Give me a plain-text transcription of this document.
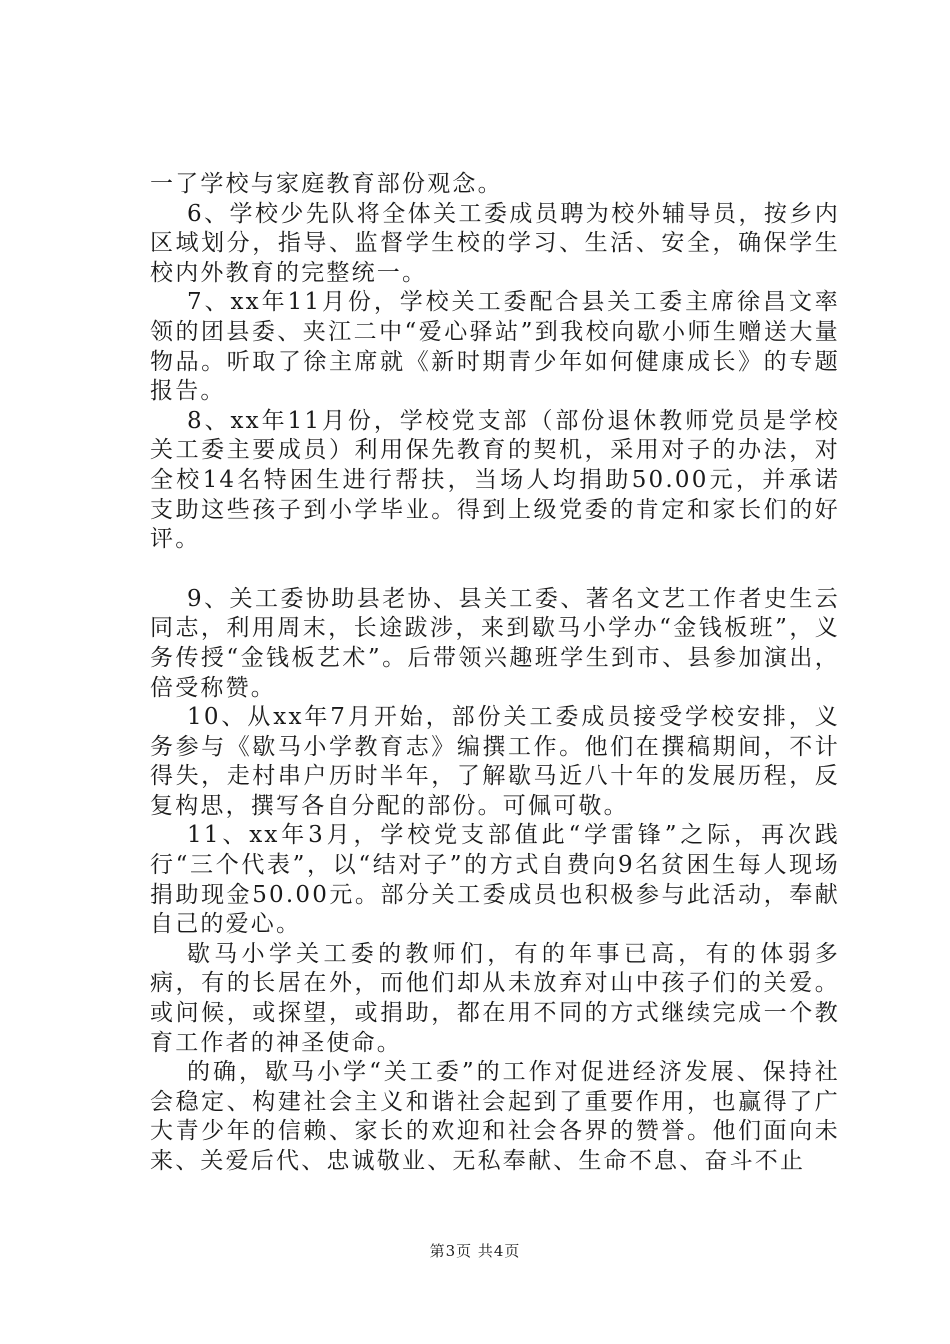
一了学校与家庭教育部份观念。

6、学校少先队将全体关工委成员聘为校外辅导员，按乡内区域划分，指导、监督学生校的学习、生活、安全，确保学生校内外教育的完整统一。

7、xx年11月份，学校关工委配合县关工委主席徐昌文率领的团县委、夹江二中“爱心驿站”到我校向歇小师生赠送大量物品。听取了徐主席就《新时期青少年如何健康成长》的专题报告。

8、xx年11月份，学校党支部（部份退休教师党员是学校关工委主要成员）利用保先教育的契机，采用对子的办法，对全校14名特困生进行帮扶，当场人均捐助50.00元，并承诺支助这些孩子到小学毕业。得到上级党委的肯定和家长们的好评。

9、关工委协助县老协、县关工委、著名文艺工作者史生云同志，利用周末，长途跋涉，来到歇马小学办“金钱板班”，义务传授“金钱板艺术”。后带领兴趣班学生到市、县参加演出，倍受称赞。

10、从xx年7月开始，部份关工委成员接受学校安排，义务参与《歇马小学教育志》编撰工作。他们在撰稿期间，不计得失，走村串户历时半年，了解歇马近八十年的发展历程，反复构思，撰写各自分配的部份。可佩可敬。

11、xx年3月，学校党支部值此“学雷锋”之际，再次践行“三个代表”，以“结对子”的方式自费向9名贫困生每人现场捐助现金50.00元。部分关工委成员也积极参与此活动，奉献自己的爱心。

歇马小学关工委的教师们，有的年事已高，有的体弱多病，有的长居在外，而他们却从未放弃对山中孩子们的关爱。或问候，或探望，或捐助，都在用不同的方式继续完成一个教育工作者的神圣使命。

的确，歇马小学“关工委”的工作对促进经济发展、保持社会稳定、构建社会主义和谐社会起到了重要作用，也赢得了广大青少年的信赖、家长的欢迎和社会各界的赞誉。他们面向未来、关爱后代、忠诚敬业、无私奉献、生命不息、奋斗不止

第3页 共4页
